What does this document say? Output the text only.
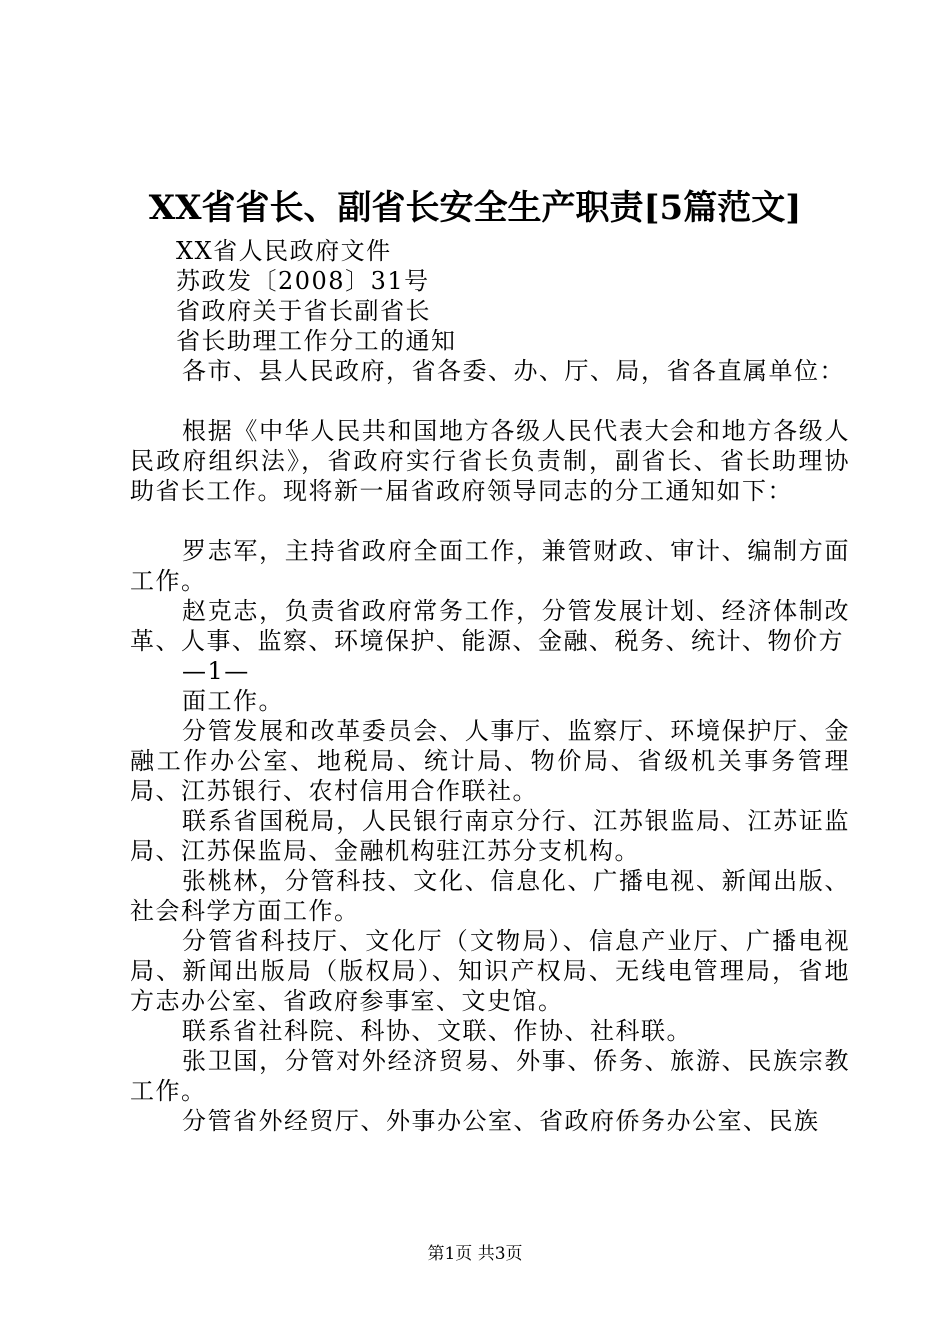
XX省省长、副省长安全生产职责[5篇范文]

XX省人民政府文件

苏政发〔2008〕31号

省政府关于省长副省长

省长助理工作分工的通知

各市、县人民政府，省各委、办、厅、局，省各直属单位：

根据《中华人民共和国地方各级人民代表大会和地方各级人民政府组织法》，省政府实行省长负责制，副省长、省长助理协助省长工作。现将新一届省政府领导同志的分工通知如下：

罗志军，主持省政府全面工作，兼管财政、审计、编制方面工作。

赵克志，负责省政府常务工作，分管发展计划、经济体制改革、人事、监察、环境保护、能源、金融、税务、统计、物价方

—1—

面工作。

分管发展和改革委员会、人事厅、监察厅、环境保护厅、金融工作办公室、地税局、统计局、物价局、省级机关事务管理局、江苏银行、农村信用合作联社。

联系省国税局，人民银行南京分行、江苏银监局、江苏证监局、江苏保监局、金融机构驻江苏分支机构。

张桃林，分管科技、文化、信息化、广播电视、新闻出版、社会科学方面工作。

分管省科技厅、文化厅（文物局）、信息产业厅、广播电视局、新闻出版局（版权局）、知识产权局、无线电管理局，省地方志办公室、省政府参事室、文史馆。

联系省社科院、科协、文联、作协、社科联。

张卫国，分管对外经济贸易、外事、侨务、旅游、民族宗教工作。

分管省外经贸厅、外事办公室、省政府侨务办公室、民族

第1页 共3页
